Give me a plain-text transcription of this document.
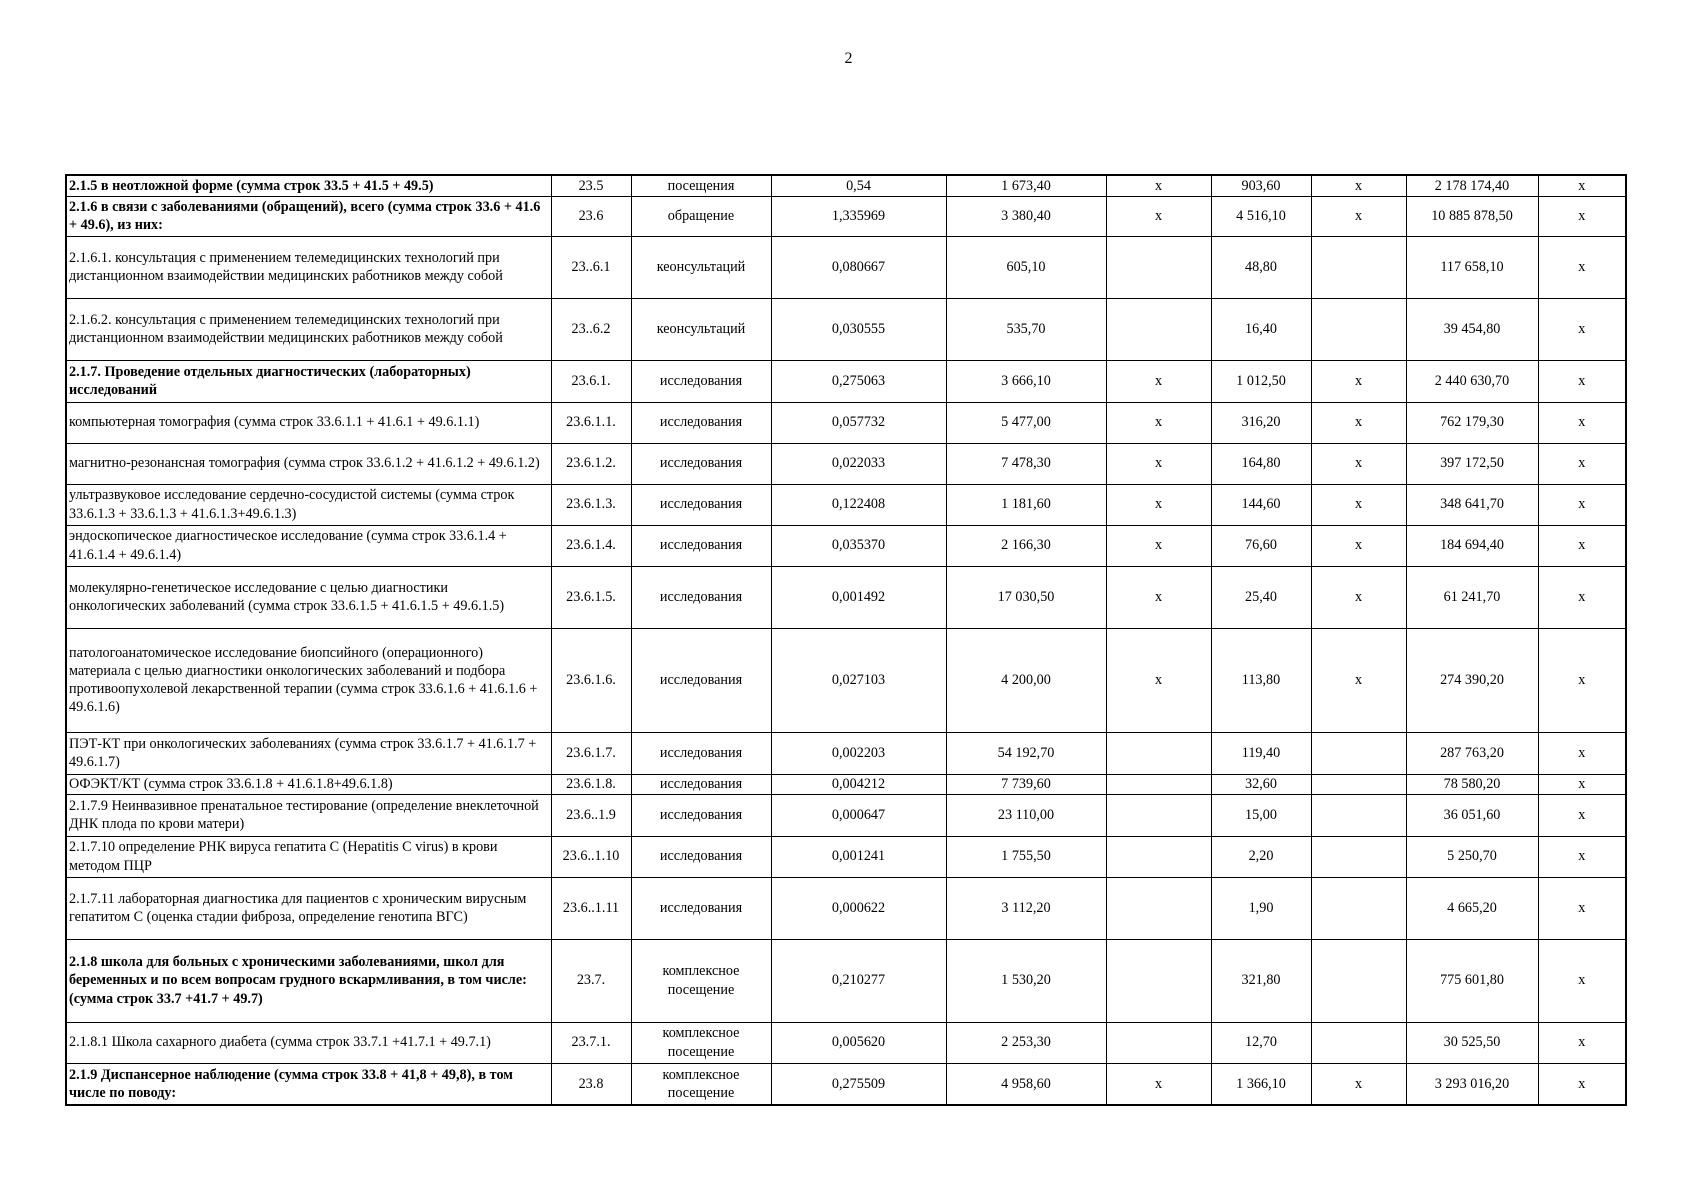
2
2.1.5 в неотложной форме (сумма строк 33.5 + 41.5 + 49.5)	23.5	посещения	0,54	1 673,40	х	903,60	х	2 178 174,40	х
2.1.6 в связи с заболеваниями (обращений), всего (сумма строк 33.6 + 41.6 + 49.6), из них:	23.6	обращение	1,335969	3 380,40	х	4 516,10	х	10 885 878,50	х
2.1.6.1. консультация с применением телемедицинских технологий при дистанционном взаимодействии медицинских работников между собой	23..6.1	кеонсультаций	0,080667	605,10		48,80		117 658,10	х
2.1.6.2. консультация с применением телемедицинских технологий при дистанционном взаимодействии медицинских работников между собой	23..6.2	кеонсультаций	0,030555	535,70		16,40		39 454,80	х
2.1.7. Проведение отдельных диагностических (лабораторных) исследований	23.6.1.	исследования	0,275063	3 666,10	х	1 012,50	х	2 440 630,70	х
компьютерная томография (сумма строк 33.6.1.1 + 41.6.1 + 49.6.1.1)	23.6.1.1.	исследования	0,057732	5 477,00	х	316,20	х	762 179,30	х
магнитно-резонансная томография (сумма строк 33.6.1.2 + 41.6.1.2 + 49.6.1.2)	23.6.1.2.	исследования	0,022033	7 478,30	х	164,80	х	397 172,50	х
ультразвуковое исследование сердечно-сосудистой системы (сумма строк 33.6.1.3 + 33.6.1.3 + 41.6.1.3+49.6.1.3)	23.6.1.3.	исследования	0,122408	1 181,60	х	144,60	х	348 641,70	х
эндоскопическое диагностическое исследование (сумма строк 33.6.1.4 + 41.6.1.4 + 49.6.1.4)	23.6.1.4.	исследования	0,035370	2 166,30	х	76,60	х	184 694,40	х
молекулярно-генетическое исследование с целью диагностики онкологических заболеваний (сумма строк 33.6.1.5 + 41.6.1.5 + 49.6.1.5)	23.6.1.5.	исследования	0,001492	17 030,50	х	25,40	х	61 241,70	х
патологоанатомическое исследование биопсийного (операционного) материала с целью диагностики онкологических заболеваний и подбора противоопухолевой лекарственной терапии (сумма строк 33.6.1.6 + 41.6.1.6 + 49.6.1.6)	23.6.1.6.	исследования	0,027103	4 200,00	х	113,80	х	274 390,20	х
ПЭТ-КТ при онкологических заболеваниях (сумма строк 33.6.1.7 + 41.6.1.7 + 49.6.1.7)	23.6.1.7.	исследования	0,002203	54 192,70		119,40		287 763,20	х
ОФЭКТ/КТ (сумма строк 33.6.1.8 + 41.6.1.8+49.6.1.8)	23.6.1.8.	исследования	0,004212	7 739,60		32,60		78 580,20	х
2.1.7.9 Неинвазивное пренатальное тестирование (определение внеклеточной ДНК плода по крови матери)	23.6..1.9	исследования	0,000647	23 110,00		15,00		36 051,60	х
2.1.7.10 определение РНК вируса гепатита С (Hepatitis C virus) в крови методом ПЦР	23.6..1.10	исследования	0,001241	1 755,50		2,20		5 250,70	х
2.1.7.11 лабораторная диагностика для пациентов с хроническим вирусным гепатитом С (оценка стадии фиброза, определение генотипа ВГС)	23.6..1.11	исследования	0,000622	3 112,20		1,90		4 665,20	х
2.1.8 школа для больных с хроническими заболеваниями, школ для беременных и по всем вопросам грудного вскармливания, в том числе: (сумма строк 33.7 +41.7 + 49.7)	23.7.	комплексное посещение	0,210277	1 530,20		321,80		775 601,80	х
2.1.8.1 Школа сахарного диабета (сумма строк 33.7.1 +41.7.1 + 49.7.1)	23.7.1.	комплексное посещение	0,005620	2 253,30		12,70		30 525,50	х
2.1.9 Диспансерное наблюдение (сумма строк 33.8 + 41,8 + 49,8), в том числе по поводу:	23.8	комплексное посещение	0,275509	4 958,60	х	1 366,10	х	3 293 016,20	х
